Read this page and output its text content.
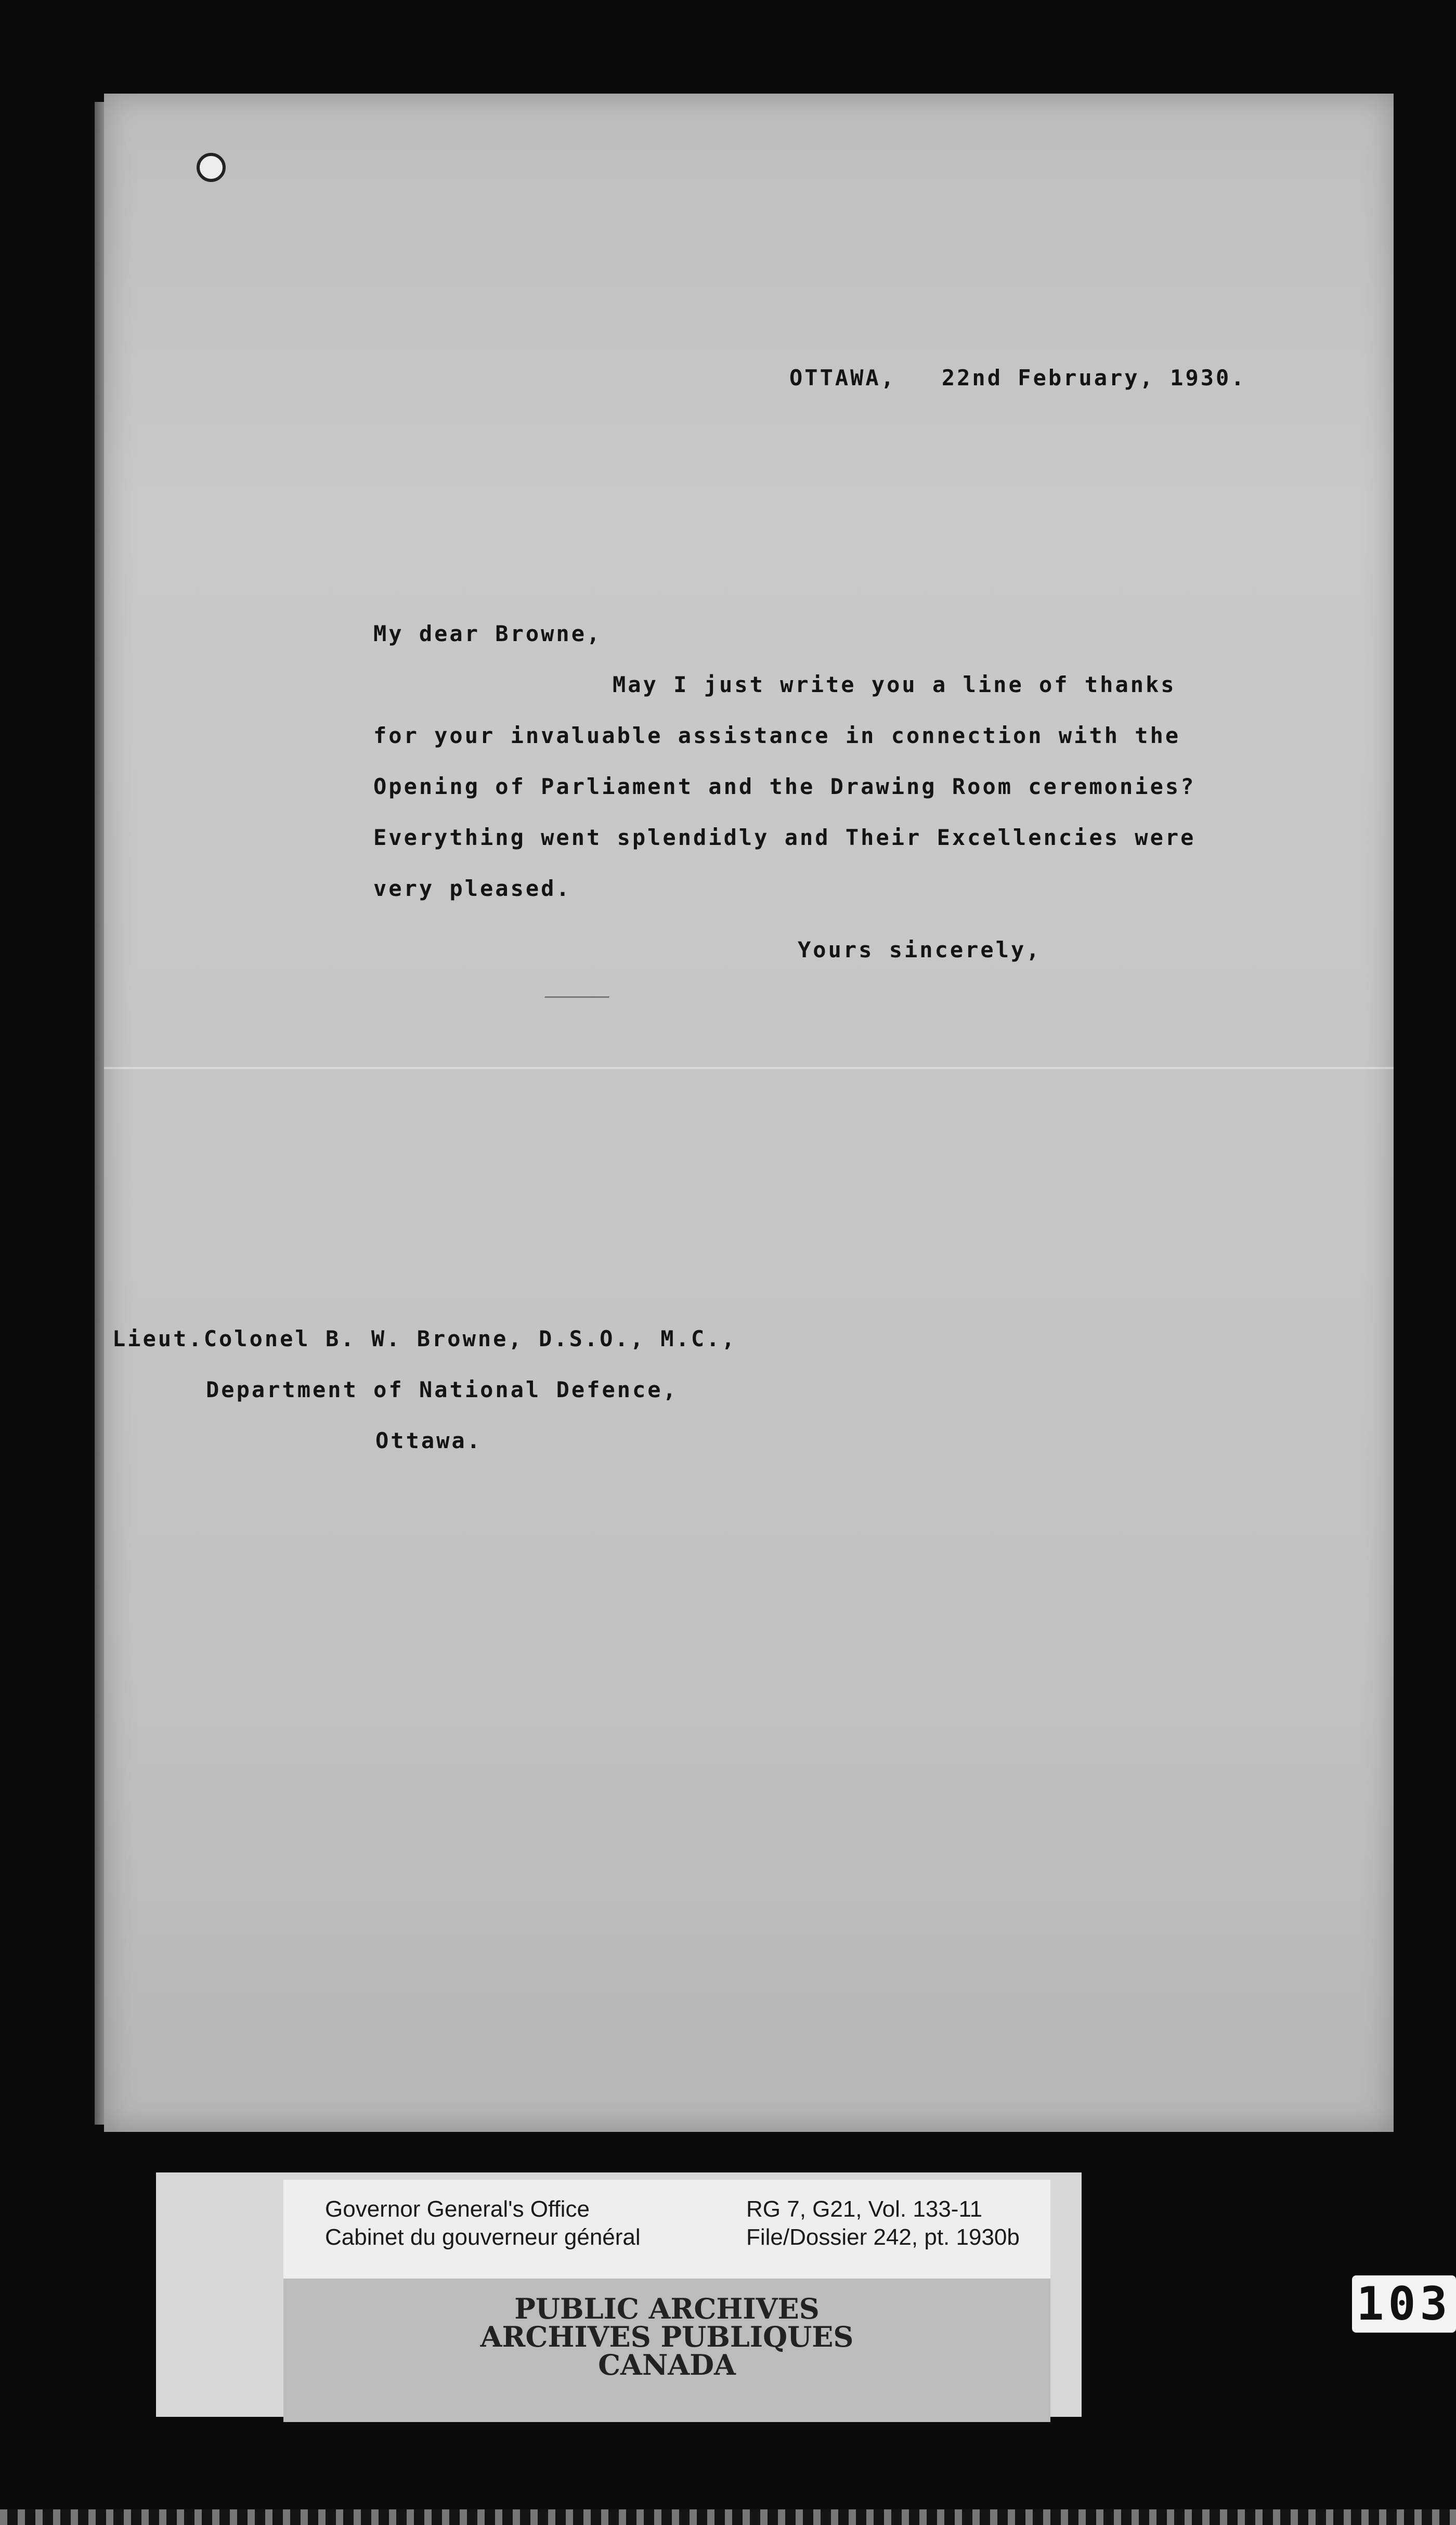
OTTAWA,   22nd February, 1930.
My dear Browne,
May I just write you a line of thanks
for your invaluable assistance in connection with the
Opening of Parliament and the Drawing Room ceremonies?
Everything went splendidly and Their Excellencies were
very pleased.
Yours sincerely,
Lieut.Colonel B. W. Browne, D.S.O., M.C.,
Department of National Defence,
Ottawa.
Governor General's Office
Cabinet du gouverneur général
RG 7, G21, Vol. 133-11
File/Dossier 242, pt. 1930b
PUBLIC ARCHIVES
ARCHIVES PUBLIQUES
CANADA
103
